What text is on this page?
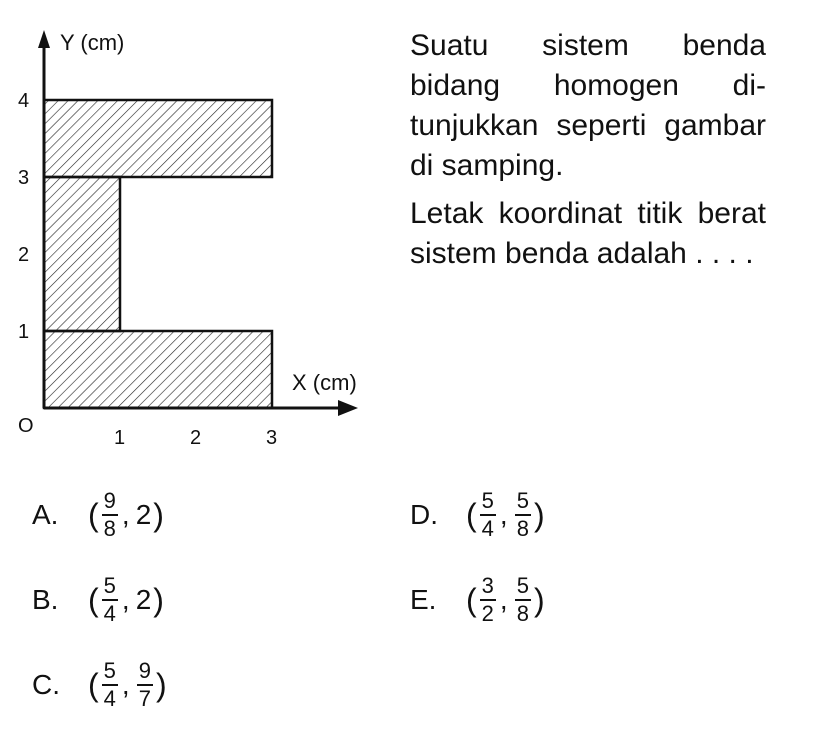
Y (cm)
X (cm)
O
1	2	3
1
2
3
4

Suatu sistem benda bidang homogen di-tunjukkan seperti gambar di samping.

Letak koordinat titik berat sistem benda adalah . . . .

A. ( $\frac{9}{8}$ , 2 )
B. ( $\frac{5}{4}$ , 2 )
C. ( $\frac{5}{4}$ , $\frac{9}{7}$ )
D. ( $\frac{5}{4}$ , $\frac{5}{8}$ )
E. ( $\frac{3}{2}$ , $\frac{5}{8}$ )
